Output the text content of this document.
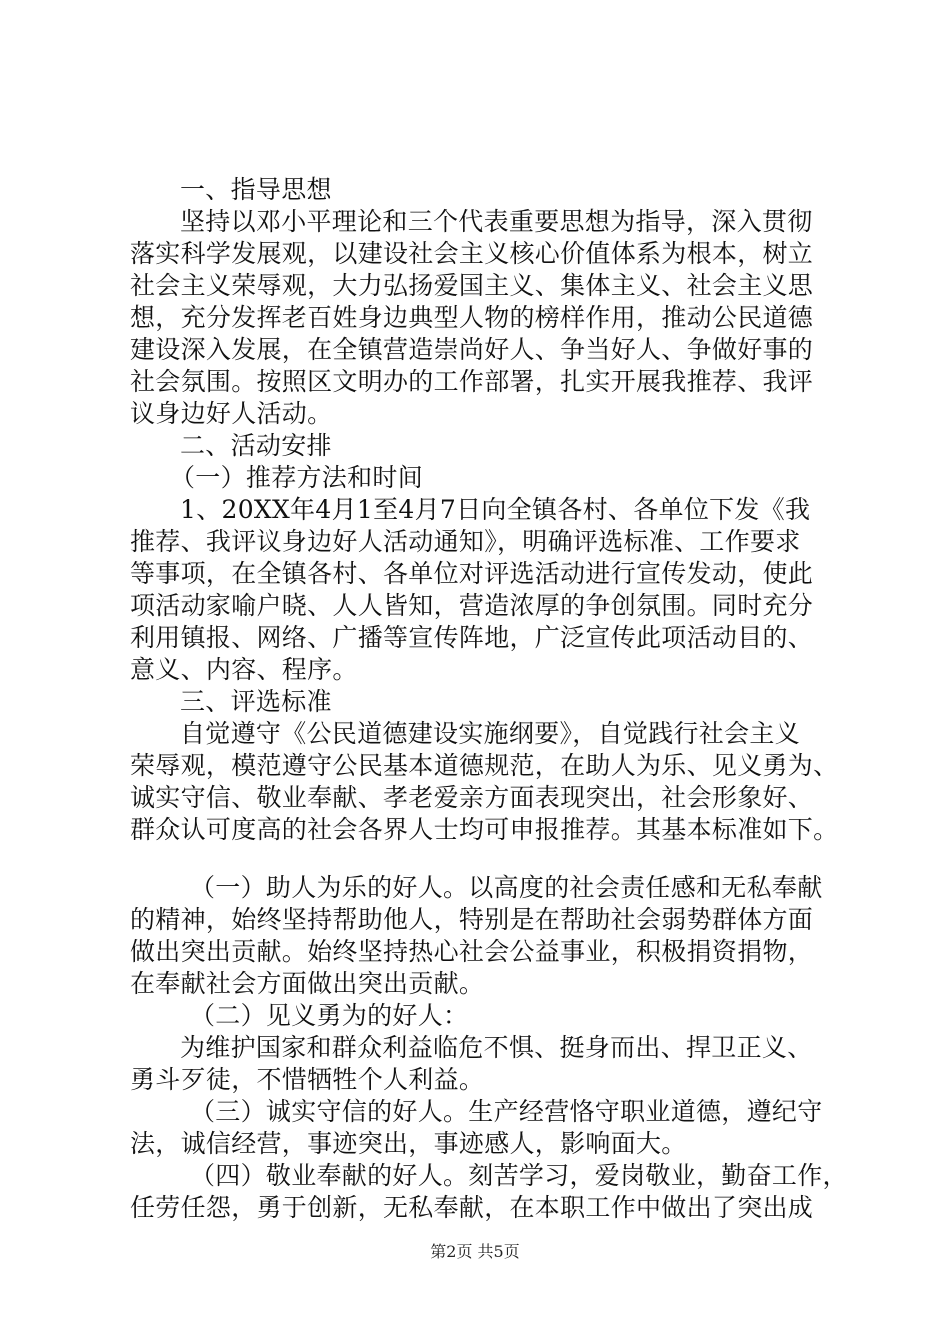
一、指导思想
坚持以邓小平理论和三个代表重要思想为指导，深入贯彻
落实科学发展观，以建设社会主义核心价值体系为根本，树立
社会主义荣辱观，大力弘扬爱国主义、集体主义、社会主义思
想，充分发挥老百姓身边典型人物的榜样作用，推动公民道德
建设深入发展，在全镇营造崇尚好人、争当好人、争做好事的
社会氛围。按照区文明办的工作部署，扎实开展我推荐、我评
议身边好人活动。
二、活动安排
（一）推荐方法和时间
1、20XX年4月1至4月7日向全镇各村、各单位下发《我
推荐、我评议身边好人活动通知》，明确评选标准、工作要求
等事项，在全镇各村、各单位对评选活动进行宣传发动，使此
项活动家喻户晓、人人皆知，营造浓厚的争创氛围。同时充分
利用镇报、网络、广播等宣传阵地，广泛宣传此项活动目的、
意义、内容、程序。
三、评选标准
自觉遵守《公民道德建设实施纲要》，自觉践行社会主义
荣辱观，模范遵守公民基本道德规范，在助人为乐、见义勇为、
诚实守信、敬业奉献、孝老爱亲方面表现突出，社会形象好、
群众认可度高的社会各界人士均可申报推荐。其基本标准如下。
（一）助人为乐的好人。以高度的社会责任感和无私奉献
的精神，始终坚持帮助他人，特别是在帮助社会弱势群体方面
做出突出贡献。始终坚持热心社会公益事业，积极捐资捐物，
在奉献社会方面做出突出贡献。
（二）见义勇为的好人：
为维护国家和群众利益临危不惧、挺身而出、捍卫正义、
勇斗歹徒，不惜牺牲个人利益。
（三）诚实守信的好人。生产经营恪守职业道德，遵纪守
法，诚信经营，事迹突出，事迹感人，影响面大。
（四）敬业奉献的好人。刻苦学习，爱岗敬业，勤奋工作，
任劳任怨，勇于创新，无私奉献，在本职工作中做出了突出成
第2页 共5页
